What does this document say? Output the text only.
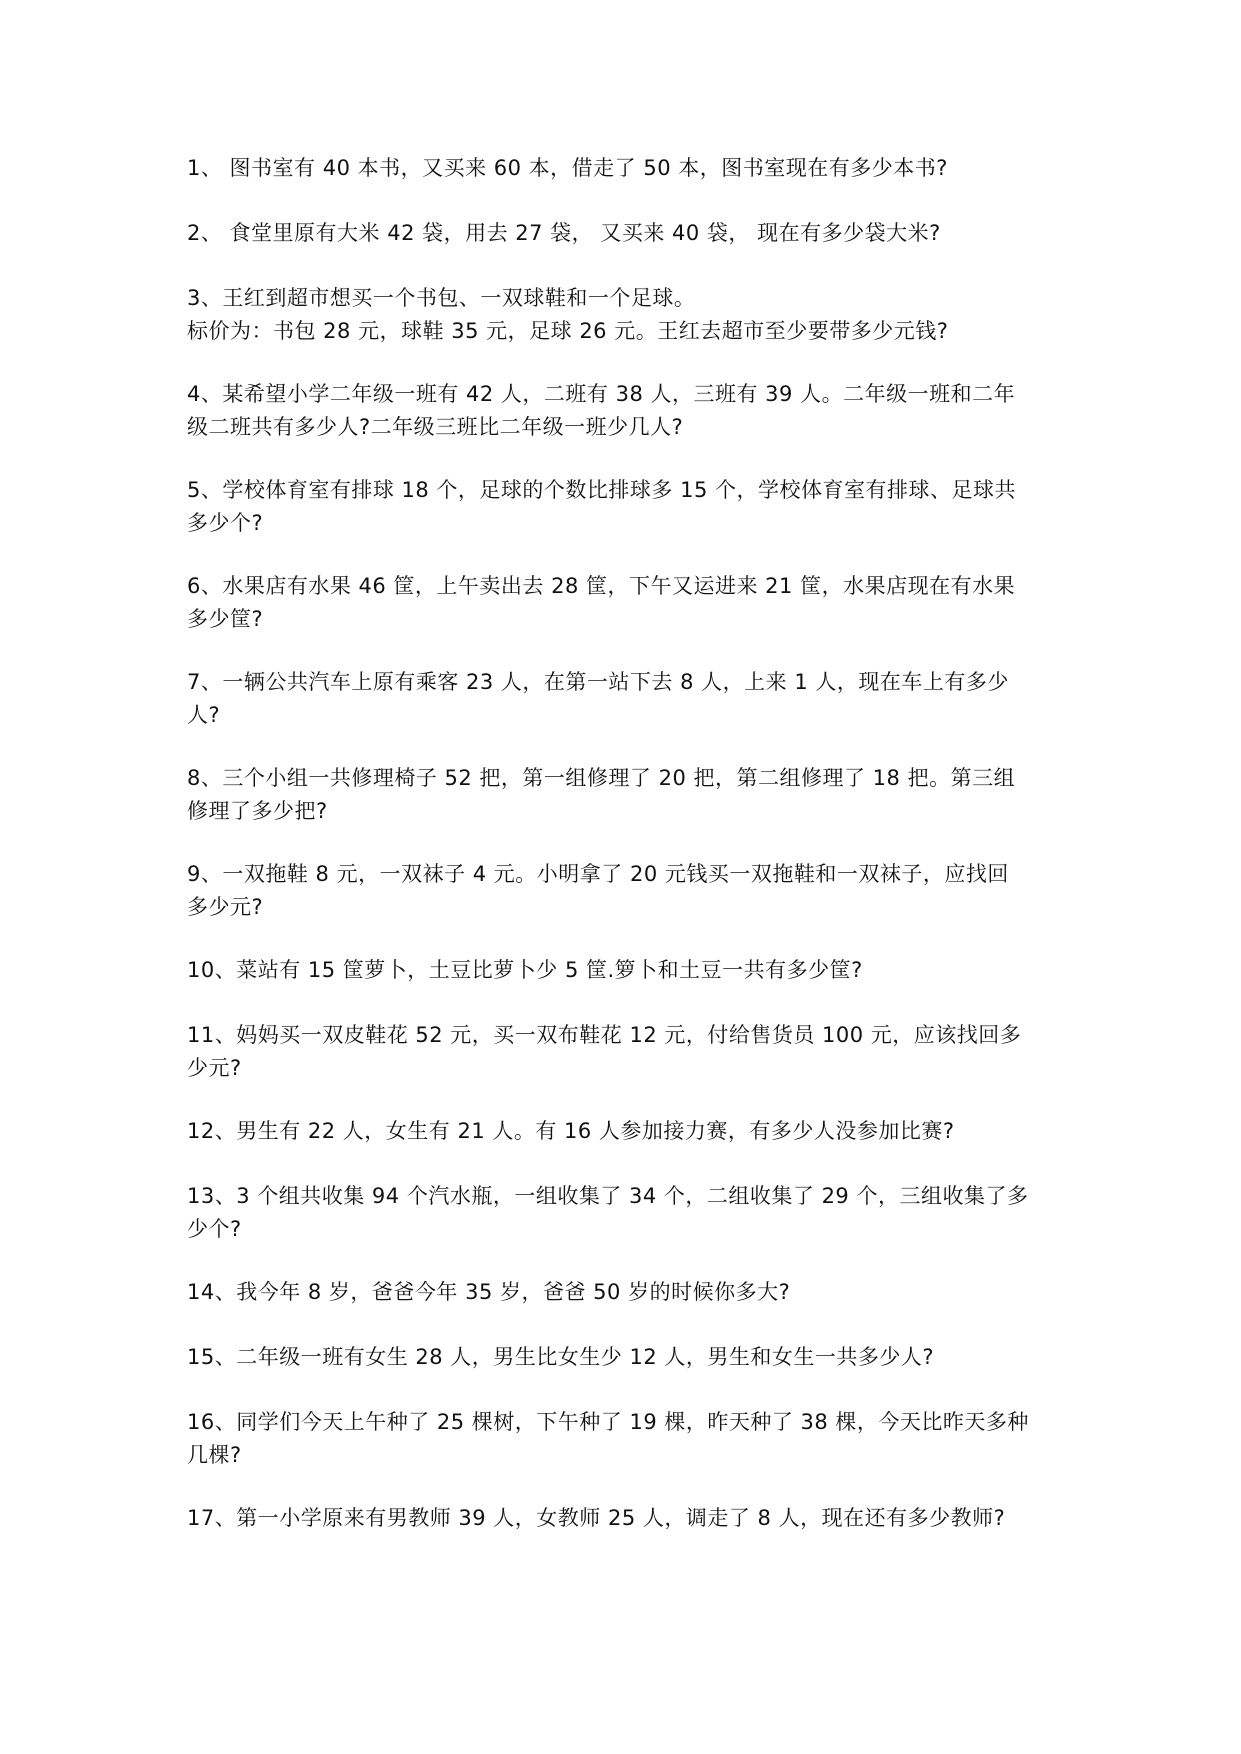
1、 图书室有 40 本书，又买来 60 本，借走了 50 本，图书室现在有多少本书?
2、 食堂里原有大米 42 袋，用去 27 袋， 又买来 40 袋， 现在有多少袋大米?
3、王红到超市想买一个书包、一双球鞋和一个足球。
标价为：书包 28 元，球鞋 35 元，足球 26 元。王红去超市至少要带多少元钱?
4、某希望小学二年级一班有 42 人，二班有 38 人，三班有 39 人。二年级一班和二年
级二班共有多少人?二年级三班比二年级一班少几人?
5、学校体育室有排球 18 个，足球的个数比排球多 15 个，学校体育室有排球、足球共
多少个?
6、水果店有水果 46 筐，上午卖出去 28 筐，下午又运进来 21 筐，水果店现在有水果
多少筐?
7、一辆公共汽车上原有乘客 23 人，在第一站下去 8 人，上来 1 人，现在车上有多少
人?
8、三个小组一共修理椅子 52 把，第一组修理了 20 把，第二组修理了 18 把。第三组
修理了多少把?
9、一双拖鞋 8 元，一双袜子 4 元。小明拿了 20 元钱买一双拖鞋和一双袜子，应找回
多少元?
10、菜站有 15 筐萝卜，土豆比萝卜少 5 筐.箩卜和土豆一共有多少筐?
11、妈妈买一双皮鞋花 52 元，买一双布鞋花 12 元，付给售货员 100 元，应该找回多
少元?
12、男生有 22 人，女生有 21 人。有 16 人参加接力赛，有多少人没参加比赛?
13、3 个组共收集 94 个汽水瓶，一组收集了 34 个，二组收集了 29 个，三组收集了多
少个?
14、我今年 8 岁，爸爸今年 35 岁，爸爸 50 岁的时候你多大?
15、二年级一班有女生 28 人，男生比女生少 12 人，男生和女生一共多少人?
16、同学们今天上午种了 25 棵树，下午种了 19 棵，昨天种了 38 棵，今天比昨天多种
几棵?
17、第一小学原来有男教师 39 人，女教师 25 人，调走了 8 人，现在还有多少教师?
